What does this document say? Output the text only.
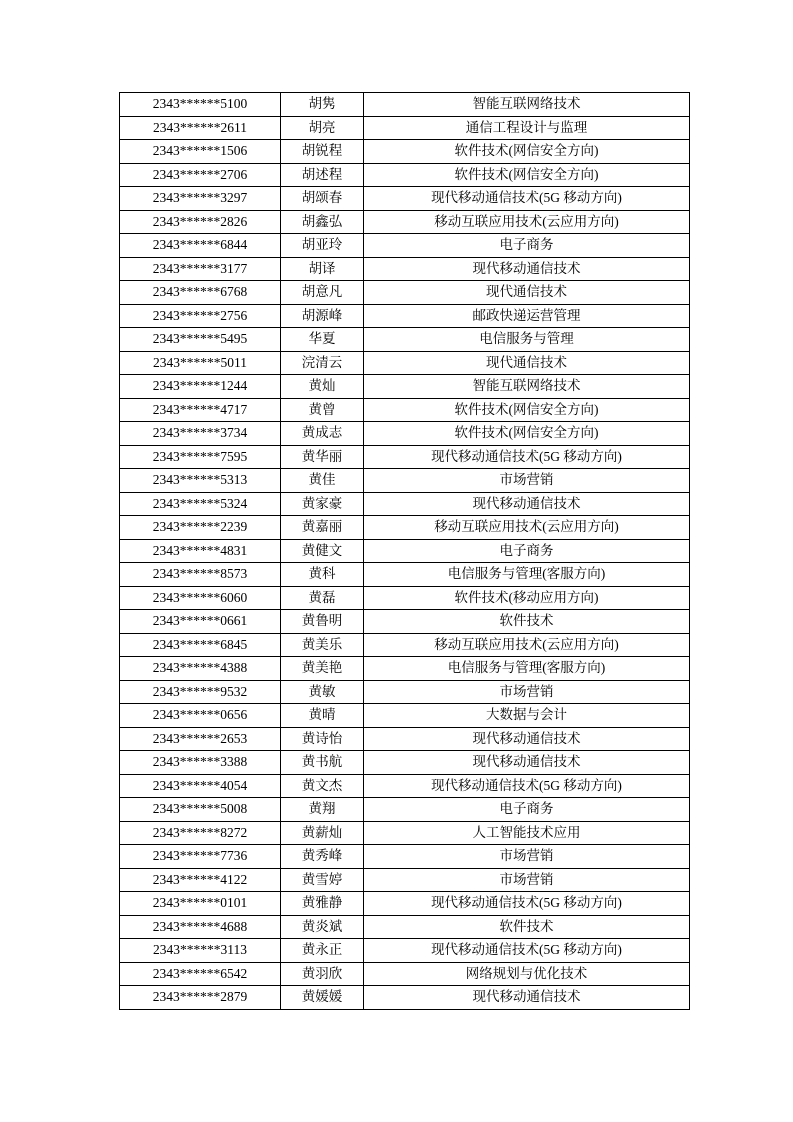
2343******5100	胡隽	智能互联网络技术
2343******2611	胡亮	通信工程设计与监理
2343******1506	胡锐程	软件技术(网信安全方向)
2343******2706	胡述程	软件技术(网信安全方向)
2343******3297	胡颂春	现代移动通信技术(5G 移动方向)
2343******2826	胡鑫弘	移动互联应用技术(云应用方向)
2343******6844	胡亚玲	电子商务
2343******3177	胡译	现代移动通信技术
2343******6768	胡意凡	现代通信技术
2343******2756	胡源峰	邮政快递运营管理
2343******5495	华夏	电信服务与管理
2343******5011	浣清云	现代通信技术
2343******1244	黄灿	智能互联网络技术
2343******4717	黄曾	软件技术(网信安全方向)
2343******3734	黄成志	软件技术(网信安全方向)
2343******7595	黄华丽	现代移动通信技术(5G 移动方向)
2343******5313	黄佳	市场营销
2343******5324	黄家豪	现代移动通信技术
2343******2239	黄嘉丽	移动互联应用技术(云应用方向)
2343******4831	黄健文	电子商务
2343******8573	黄科	电信服务与管理(客服方向)
2343******6060	黄磊	软件技术(移动应用方向)
2343******0661	黄鲁明	软件技术
2343******6845	黄美乐	移动互联应用技术(云应用方向)
2343******4388	黄美艳	电信服务与管理(客服方向)
2343******9532	黄敏	市场营销
2343******0656	黄晴	大数据与会计
2343******2653	黄诗怡	现代移动通信技术
2343******3388	黄书航	现代移动通信技术
2343******4054	黄文杰	现代移动通信技术(5G 移动方向)
2343******5008	黄翔	电子商务
2343******8272	黄薪灿	人工智能技术应用
2343******7736	黄秀峰	市场营销
2343******4122	黄雪婷	市场营销
2343******0101	黄雅静	现代移动通信技术(5G 移动方向)
2343******4688	黄炎斌	软件技术
2343******3113	黄永正	现代移动通信技术(5G 移动方向)
2343******6542	黄羽欣	网络规划与优化技术
2343******2879	黄媛媛	现代移动通信技术
